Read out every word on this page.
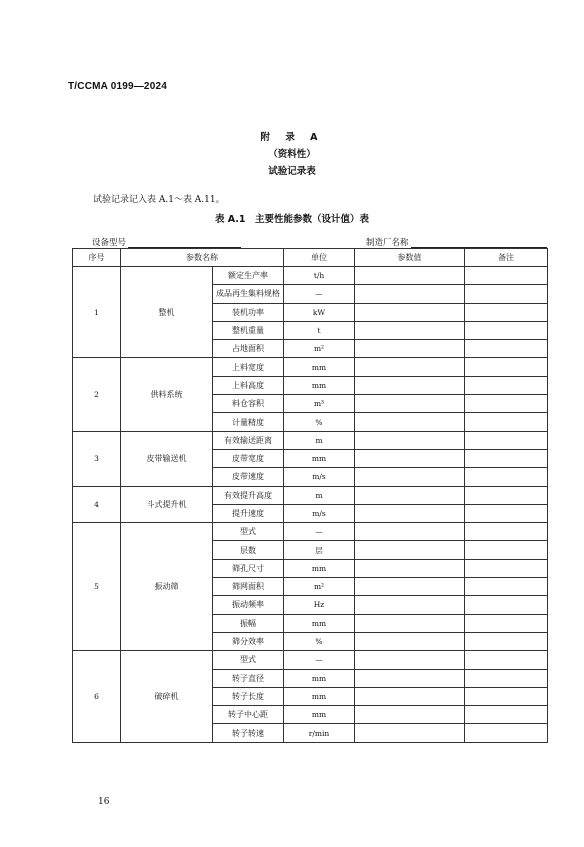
T/CCMA 0199—2024
附 录 A
（资料性）
试验记录表
试验记录记入表 A.1～表 A.11。
表 A.1　主要性能参数（设计值）表
设备型号	制造厂名称
序号	参数名称		单位	参数值	备注
1	整机	额定生产率	t/h		
		成品再生集料规格	—		
		装机功率	kW		
		整机重量	t		
		占地面积	m²		
2	供料系统	上料宽度	mm		
		上料高度	mm		
		料仓容积	m³		
		计量精度	%		
3	皮带输送机	有效输送距离	m		
		皮带宽度	mm		
		皮带速度	m/s		
4	斗式提升机	有效提升高度	m		
		提升速度	m/s		
5	振动筛	型式	—		
		层数	层		
		筛孔尺寸	mm		
		筛网面积	m²		
		振动频率	Hz		
		振幅	mm		
		筛分效率	%		
6	破碎机	型式	—		
		转子直径	mm		
		转子长度	mm		
		转子中心距	mm		
		转子转速	r/min		
16
